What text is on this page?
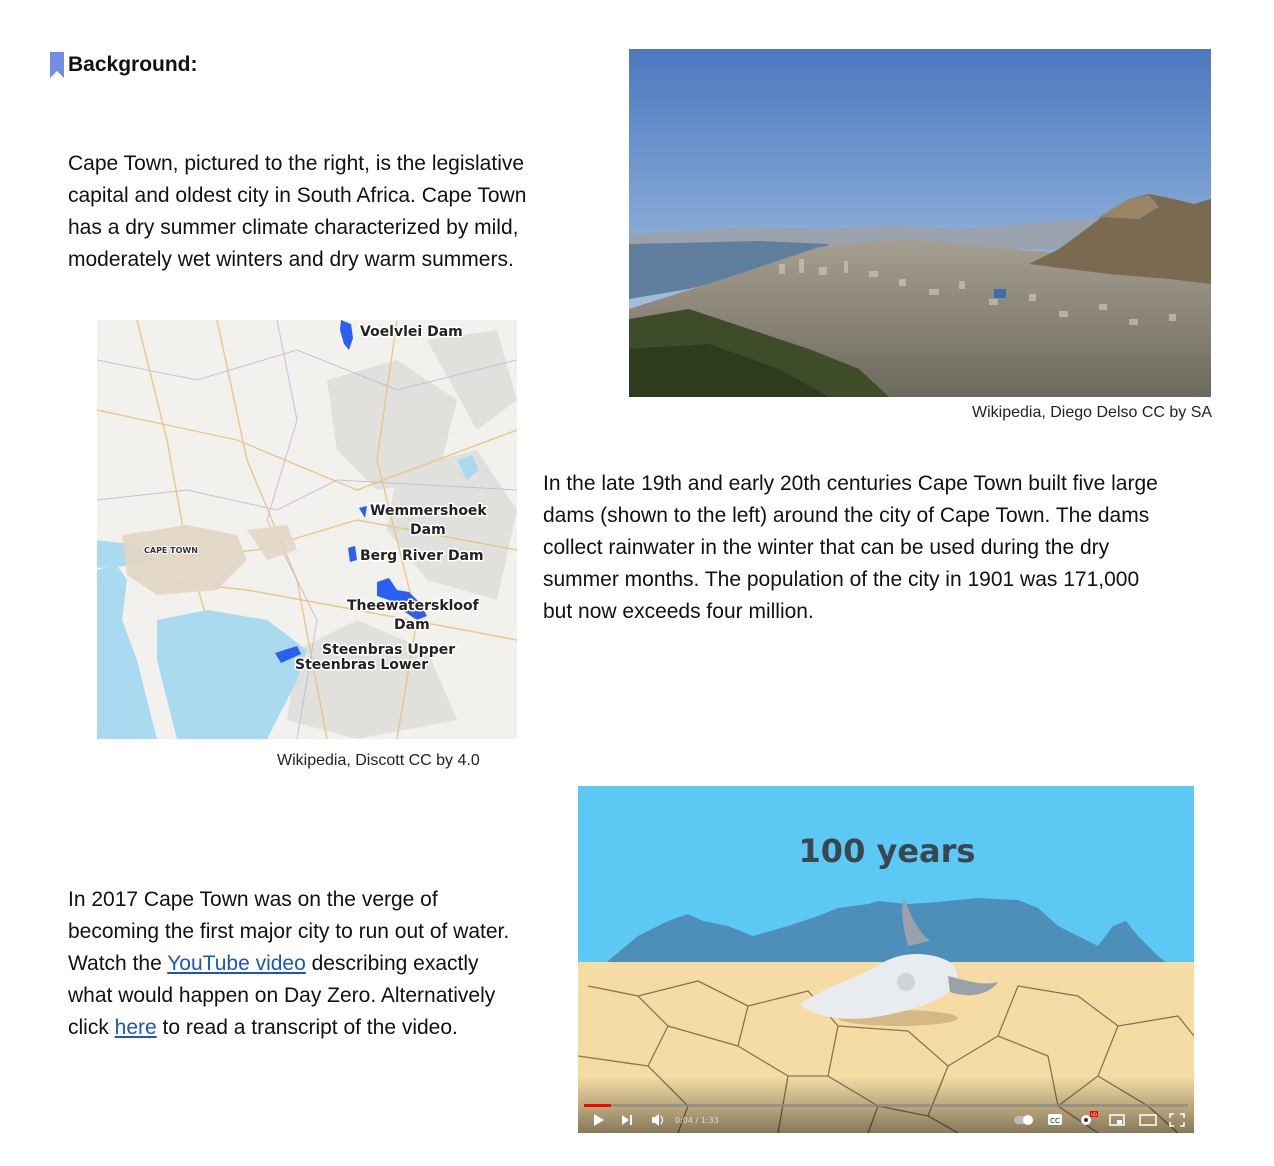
Background:
Cape Town, pictured to the right, is the legislative
capital and oldest city in South Africa. Cape Town
has a dry summer climate characterized by mild,
moderately wet winters and dry warm summers.
Wikipedia, Diego Delso CC by SA
Voelvlei Dam
Wemmershoek
Dam
Berg River Dam
Theewaterskloof
Dam
Steenbras Upper
Steenbras Lower
CAPE TOWN
Wikipedia, Discott CC by 4.0
In the late 19th and early 20th centuries Cape Town built five large
dams (shown to the left) around the city of Cape Town. The dams
collect rainwater in the winter that can be used during the dry
summer months. The population of the city in 1901 was 171,000
but now exceeds four million.
In 2017 Cape Town was on the verge of
becoming the first major city to run out of water.
Watch the YouTube video describing exactly
what would happen on Day Zero. Alternatively
click here to read a transcript of the video.
100 years
0:04 / 1:33	CC
HD
